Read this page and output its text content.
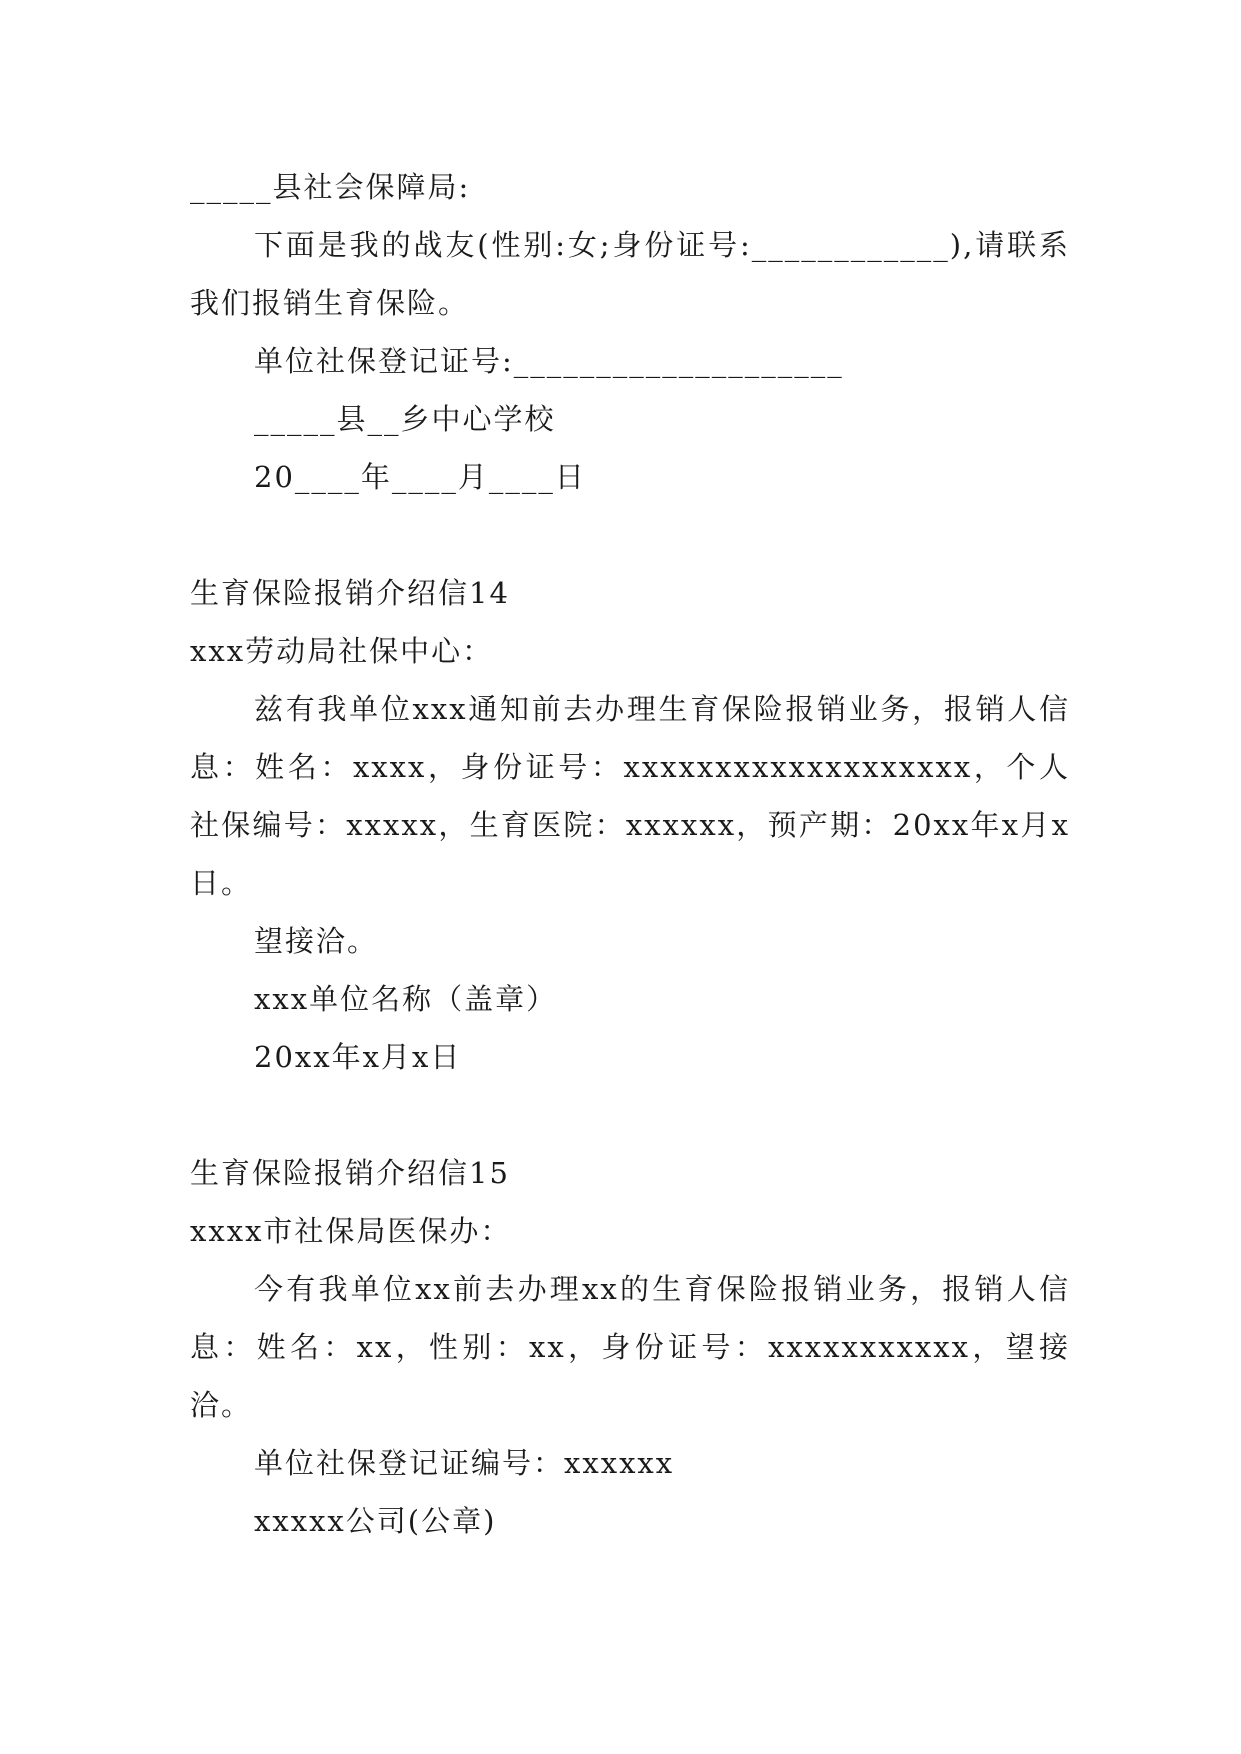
_____县社会保障局:

下面是我的战友(性别:女;身份证号:____________),请联系我们报销生育保险。

单位社保登记证号:____________________

_____县__乡中心学校

20____年____月____日

生育保险报销介绍信14

xxx劳动局社保中心：

兹有我单位xxx通知前去办理生育保险报销业务，报销人信息：姓名：xxxx，身份证号：xxxxxxxxxxxxxxxxxxx，个人社保编号：xxxxx，生育医院：xxxxxx，预产期：20xx年x月x日。

望接洽。

xxx单位名称（盖章）

20xx年x月x日

生育保险报销介绍信15

xxxx市社保局医保办：

今有我单位xx前去办理xx的生育保险报销业务，报销人信息：姓名：xx，性别：xx，身份证号：xxxxxxxxxxx，望接洽。

单位社保登记证编号：xxxxxx

xxxxx公司(公章)
